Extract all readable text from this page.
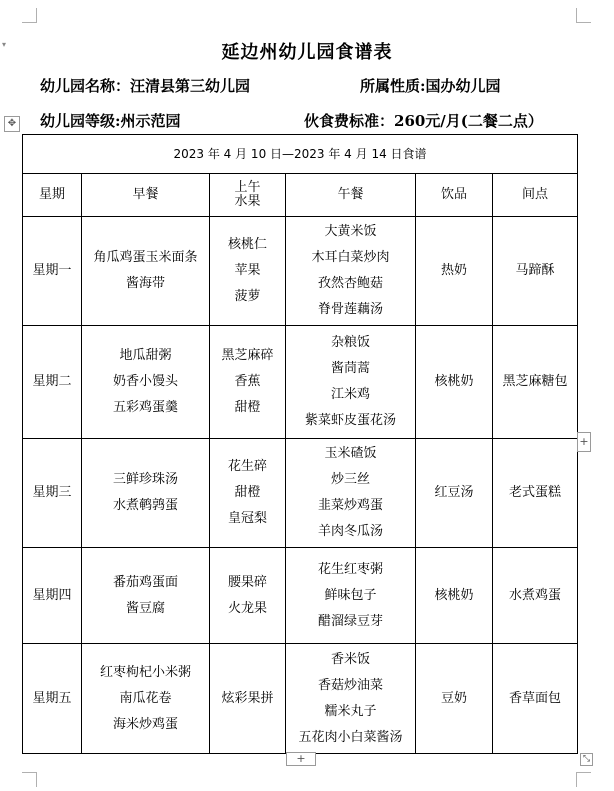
▾	延边州幼儿园食谱表
幼儿园名称：汪清县第三幼儿园	所属性质:国办幼儿园
幼儿园等级:州示范园	伙食费标准：260元/月(二餐二点）
✥
2023 年 4 月 10 日—2023 年 4 月 14 日食谱					
星期	早餐	上午
水果	午餐	饮品	间点
星期一	角瓜鸡蛋玉米面条
酱海带	核桃仁
苹果
菠萝	大黄米饭
木耳白菜炒肉
孜然杏鲍菇
脊骨莲藕汤	热奶	马蹄酥
星期二	地瓜甜粥
奶香小馒头
五彩鸡蛋羹	黑芝麻碎
香蕉
甜橙	杂粮饭
酱茼蒿
江米鸡
紫菜虾皮蛋花汤	核桃奶	黑芝麻糖包
星期三	三鲜珍珠汤
水煮鹌鹑蛋	花生碎
甜橙
皇冠梨	玉米碴饭
炒三丝
韭菜炒鸡蛋
羊肉冬瓜汤	红豆汤	老式蛋糕
星期四	番茄鸡蛋面
酱豆腐	腰果碎
火龙果	花生红枣粥
鲜味包子
醋溜绿豆芽	核桃奶	水煮鸡蛋
星期五	红枣枸杞小米粥
南瓜花卷
海米炒鸡蛋	炫彩果拼	香米饭
香菇炒油菜
糯米丸子
五花肉小白菜酱汤	豆奶	香草面包
+
+	⤡
